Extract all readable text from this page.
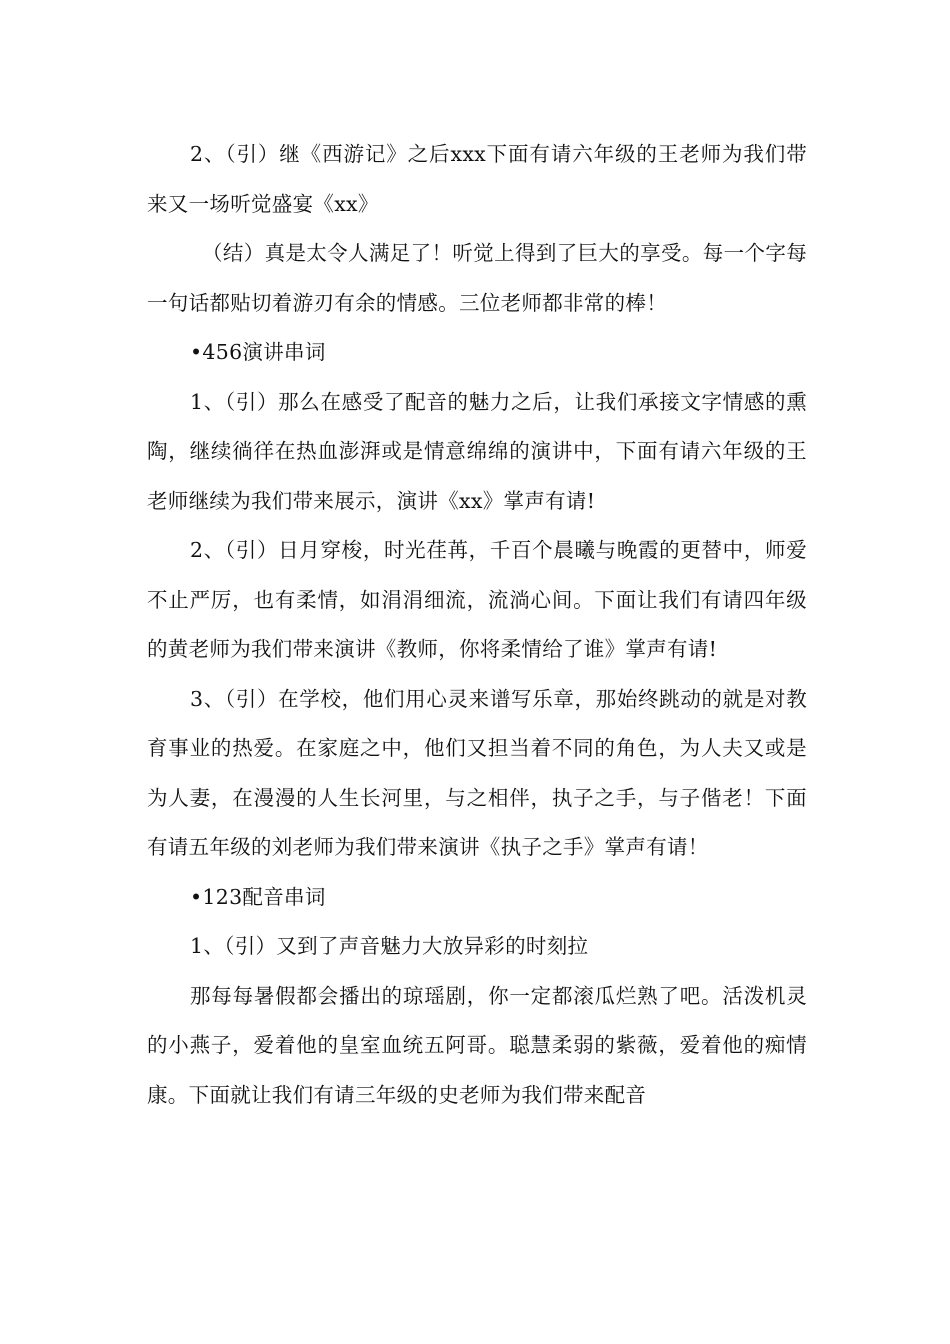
2、（引）继《西游记》之后xxx下面有请六年级的王老师为我们带来又一场听觉盛宴《xx》

（结）真是太令人满足了！听觉上得到了巨大的享受。每一个字每一句话都贴切着游刃有余的情感。三位老师都非常的棒！

•456演讲串词

1、（引）那么在感受了配音的魅力之后，让我们承接文字情感的熏陶，继续徜徉在热血澎湃或是情意绵绵的演讲中，下面有请六年级的王老师继续为我们带来展示，演讲《xx》掌声有请!

2、（引）日月穿梭，时光荏苒，千百个晨曦与晚霞的更替中，师爱不止严厉，也有柔情，如涓涓细流，流淌心间。下面让我们有请四年级的黄老师为我们带来演讲《教师，你将柔情给了谁》掌声有请!

3、（引）在学校，他们用心灵来谱写乐章，那始终跳动的就是对教育事业的热爱。在家庭之中，他们又担当着不同的角色，为人夫又或是为人妻，在漫漫的人生长河里，与之相伴，执子之手，与子偕老！下面有请五年级的刘老师为我们带来演讲《执子之手》掌声有请！

•123配音串词

1、（引）又到了声音魅力大放异彩的时刻拉

那每每暑假都会播出的琼瑶剧，你一定都滚瓜烂熟了吧。活泼机灵的小燕子，爱着他的皇室血统五阿哥。聪慧柔弱的紫薇，爱着他的痴情康。下面就让我们有请三年级的史老师为我们带来配音
